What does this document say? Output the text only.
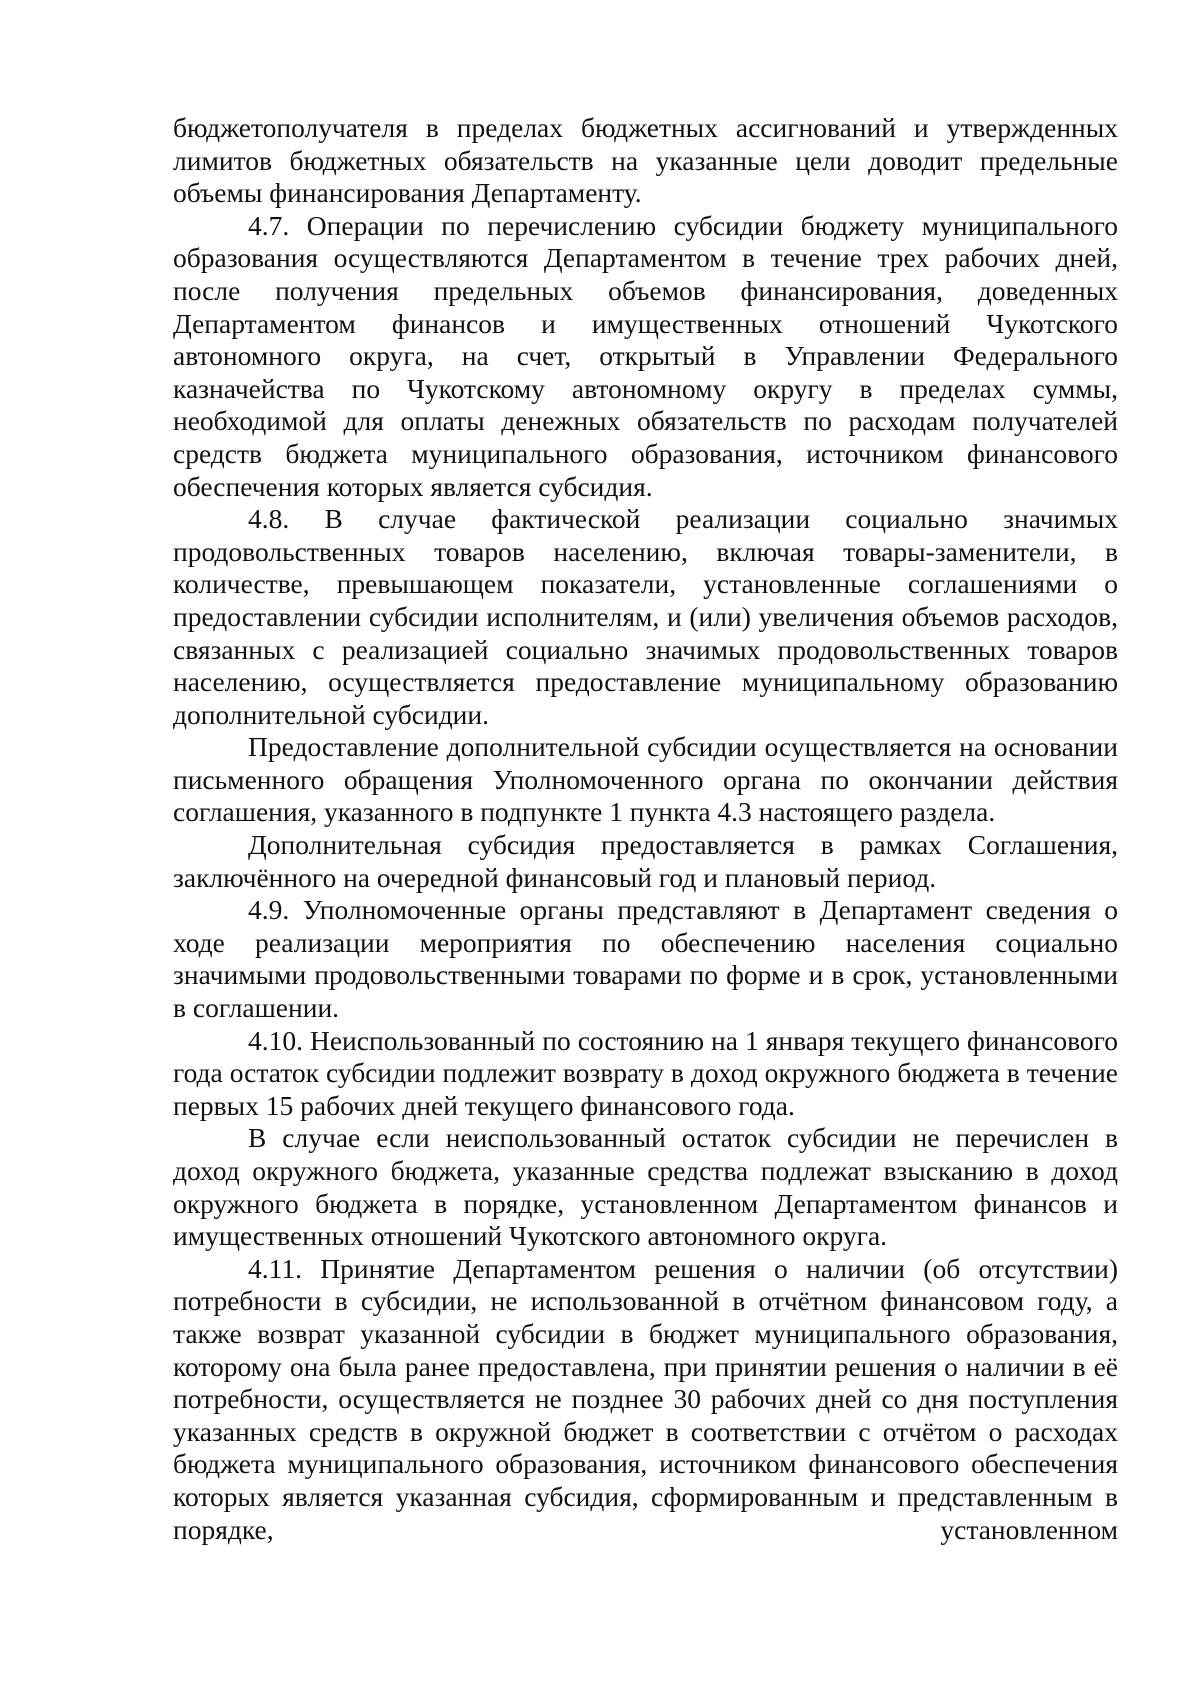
бюджетополучателя в пределах бюджетных ассигнований и утвержденных лимитов бюджетных обязательств на указанные цели доводит предельные объемы финансирования Департаменту.

4.7. Операции по перечислению субсидии бюджету муниципального образования осуществляются Департаментом в течение трех рабочих дней, после получения предельных объемов финансирования, доведенных Департаментом финансов и имущественных отношений Чукотского автономного округа, на счет, открытый в Управлении Федерального казначейства по Чукотскому автономному округу в пределах суммы, необходимой для оплаты денежных обязательств по расходам получателей средств бюджета муниципального образования, источником финансового обеспечения которых является субсидия.

4.8. В случае фактической реализации социально значимых продовольственных товаров населению, включая товары-заменители, в количестве, превышающем показатели, установленные соглашениями о предоставлении субсидии исполнителям, и (или) увеличения объемов расходов, связанных с реализацией социально значимых продовольственных товаров населению, осуществляется предоставление муниципальному образованию дополнительной субсидии.

Предоставление дополнительной субсидии осуществляется на основании письменного обращения Уполномоченного органа по окончании действия соглашения, указанного в подпункте 1 пункта 4.3 настоящего раздела.

Дополнительная субсидия предоставляется в рамках Соглашения, заключённого на очередной финансовый год и плановый период.

4.9. Уполномоченные органы представляют в Департамент сведения о ходе реализации мероприятия по обеспечению населения социально значимыми продовольственными товарами по форме и в срок, установленными в соглашении.

4.10. Неиспользованный по состоянию на 1 января текущего финансового года остаток субсидии подлежит возврату в доход окружного бюджета в течение первых 15 рабочих дней текущего финансового года.

В случае если неиспользованный остаток субсидии не перечислен в доход окружного бюджета, указанные средства подлежат взысканию в доход окружного бюджета в порядке, установленном Департаментом финансов и имущественных отношений Чукотского автономного округа.

4.11. Принятие Департаментом решения о наличии (об отсутствии) потребности в субсидии, не использованной в отчётном финансовом году, а также возврат указанной субсидии в бюджет муниципального образования, которому она была ранее предоставлена, при принятии решения о наличии в её потребности, осуществляется не позднее 30 рабочих дней со дня поступления указанных средств в окружной бюджет в соответствии с отчётом о расходах бюджета муниципального образования, источником финансового обеспечения которых является указанная субсидия, сформированным и представленным в порядке, установленном
